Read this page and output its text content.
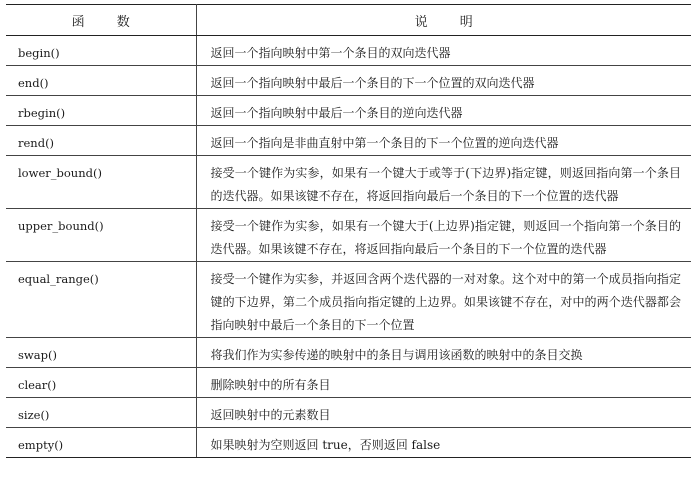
函 数	说 明
begin()	返回一个指向映射中第一个条目的双向迭代器
end()	返回一个指向映射中最后一个条目的下一个位置的双向迭代器
rbegin()	返回一个指向映射中最后一个条目的逆向迭代器
rend()	返回一个指向是非曲直射中第一个条目的下一个位置的逆向迭代器
lower_bound()	接受一个键作为实参，如果有一个键大于或等于(下边界)指定键，则返回指向第一个条目的迭代器。如果该键不存在，将返回指向最后一个条目的下一个位置的迭代器
upper_bound()	接受一个键作为实参，如果有一个键大于(上边界)指定键，则返回一个指向第一个条目的迭代器。如果该键不存在，将返回指向最后一个条目的下一个位置的迭代器
equal_range()	接受一个键作为实参，并返回含两个迭代器的一对对象。这个对中的第一个成员指向指定键的下边界，第二个成员指向指定键的上边界。如果该键不存在，对中的两个迭代器都会指向映射中最后一个条目的下一个位置
swap()	将我们作为实参传递的映射中的条目与调用该函数的映射中的条目交换
clear()	删除映射中的所有条目
size()	返回映射中的元素数目
empty()	如果映射为空则返回 true，否则返回 false
